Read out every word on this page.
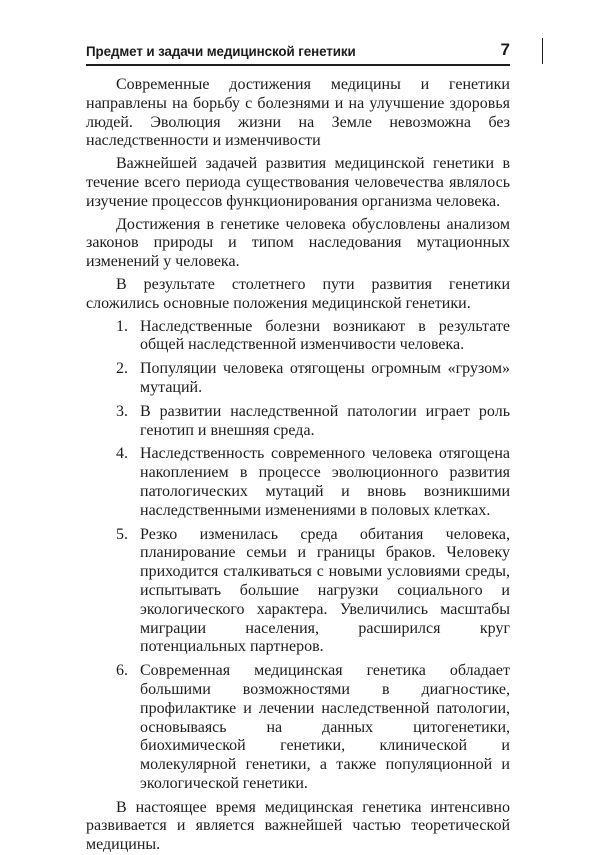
Предмет и задачи медицинской генетики	7

Современные достижения медицины и генетики направлены на борьбу с болезнями и на улучшение здоровья людей. Эволюция жизни на Земле невозможна без наследственности и изменчивости

Важнейшей задачей развития медицинской генетики в течение всего периода существования человечества являлось изучение процессов функционирования организма человека.

Достижения в генетике человека обусловлены анализом законов природы и типом наследования мутационных изменений у человека.

В результате столетнего пути развития генетики сложились основные положения медицинской генетики.

1. Наследственные болезни возникают в результате общей наследственной изменчивости человека.
2. Популяции человека отягощены огромным «грузом» мутаций.
3. В развитии наследственной патологии играет роль генотип и внешняя среда.
4. Наследственность современного человека отягощена накоплением в процессе эволюционного развития патологических мутаций и вновь возникшими наследственными изменениями в половых клетках.
5. Резко изменилась среда обитания человека, планирование семьи и границы браков. Человеку приходится сталкиваться с новыми условиями среды, испытывать большие нагрузки социального и экологического характера. Увеличились масштабы миграции населения, расширился круг потенциальных партнеров.
6. Современная медицинская генетика обладает большими возможностями в диагностике, профилактике и лечении наследственной патологии, основываясь на данных цитогенетики, биохимической генетики, клинической и молекулярной генетики, а также популяционной и экологической генетики.

В настоящее время медицинская генетика интенсивно развивается и является важнейшей частью теоретической медицины.
